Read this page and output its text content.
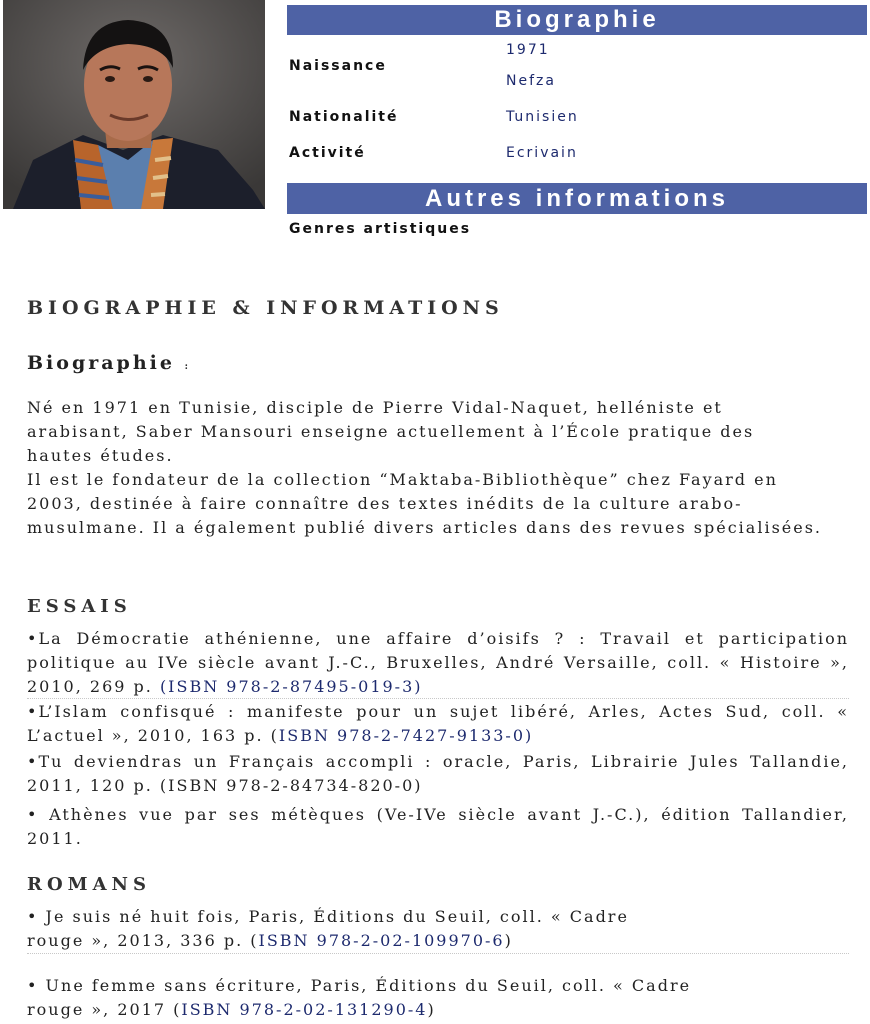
Biographie
Naissance
1971
Nefza
Nationalité	Tunisien
Activité	Ecrivain
Autres informations
Genres artistiques
BIOGRAPHIE & INFORMATIONS
Biographie :
Né en 1971 en Tunisie, disciple de Pierre Vidal-Naquet, helléniste et arabisant, Saber Mansouri enseigne actuellement à l’École pratique des hautes études.
Il est le fondateur de la collection “Maktaba-Bibliothèque” chez Fayard en 2003, destinée à faire connaître des textes inédits de la culture arabo-musulmane. Il a également publié divers articles dans des revues spécialisées.
ESSAIS

•La Démocratie athénienne, une affaire d’oisifs ? : Travail et participation politique au IVe siècle avant J.-C., Bruxelles, André Versaille, coll. « Histoire », 2010, 269 p. (ISBN 978-2-87495-019-3)

•L’Islam confisqué : manifeste pour un sujet libéré, Arles, Actes Sud, coll. « L’actuel », 2010, 163 p. (ISBN 978-2-7427-9133-0)

•Tu deviendras un Français accompli : oracle, Paris, Librairie Jules Tallandie, 2011, 120 p. (ISBN 978-2-84734-820-0)

• Athènes vue par ses métèques (Ve-IVe siècle avant J.-C.), édition Tallandier, 2011.

ROMANS

• Je suis né huit fois, Paris, Éditions du Seuil, coll. « Cadre
rouge », 2013, 336 p. (ISBN 978-2-02-109970-6)

• Une femme sans écriture, Paris, Éditions du Seuil, coll. « Cadre
rouge », 2017 (ISBN 978-2-02-131290-4)
